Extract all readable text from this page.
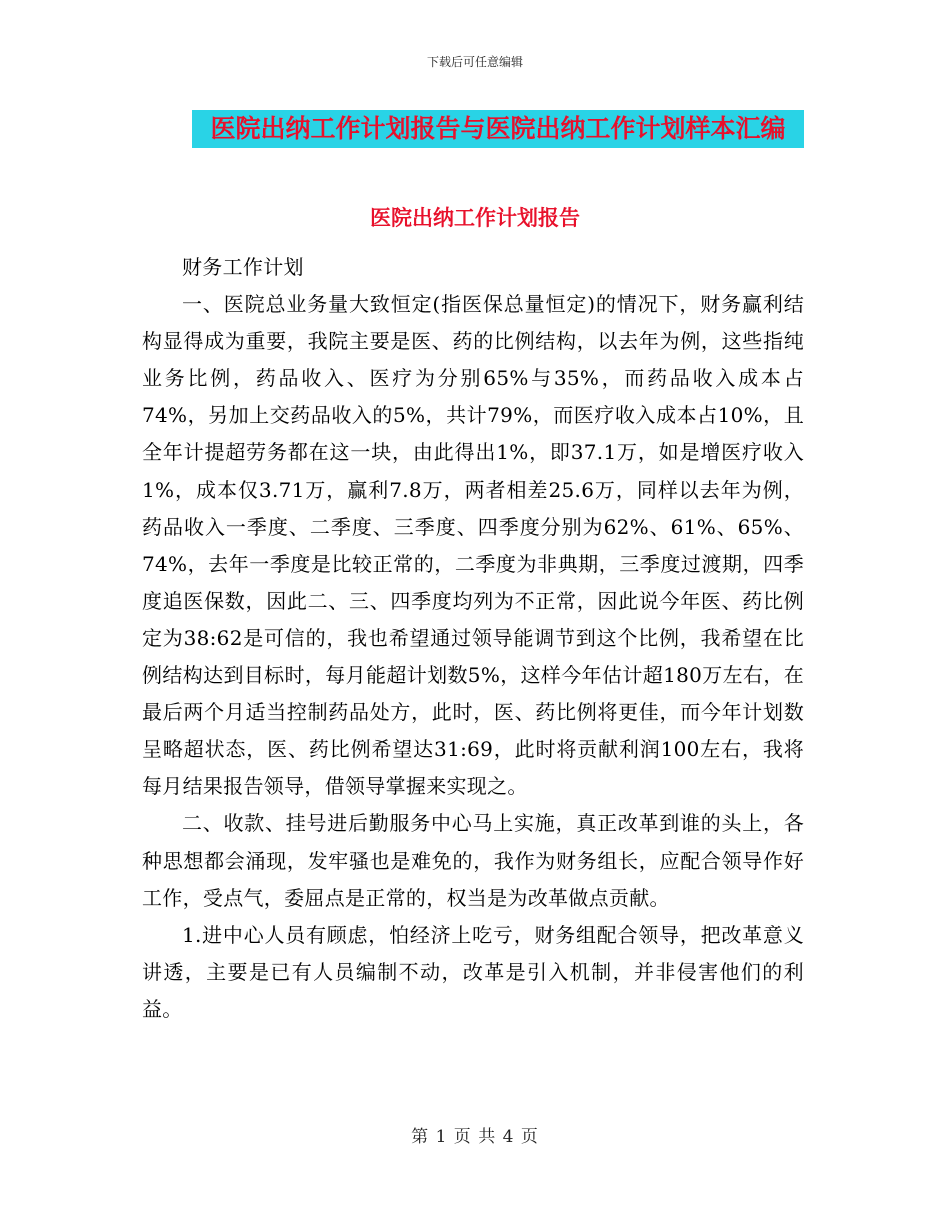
下载后可任意编辑
医院出纳工作计划报告与医院出纳工作计划样本汇编
医院出纳工作计划报告

财务工作计划

一、医院总业务量大致恒定(指医保总量恒定)的情况下，财务赢利结构显得成为重要，我院主要是医、药的比例结构，以去年为例，这些指纯业务比例，药品收入、医疗为分别65%与35%，而药品收入成本占74%，另加上交药品收入的5%，共计79%，而医疗收入成本占10%，且全年计提超劳务都在这一块，由此得出1%，即37.1万，如是增医疗收入1%，成本仅3.71万，赢利7.8万，两者相差25.6万，同样以去年为例，药品收入一季度、二季度、三季度、四季度分别为62%、61%、65%、74%，去年一季度是比较正常的，二季度为非典期，三季度过渡期，四季度追医保数，因此二、三、四季度均列为不正常，因此说今年医、药比例定为38:62是可信的，我也希望通过领导能调节到这个比例，我希望在比例结构达到目标时，每月能超计划数5%，这样今年估计超180万左右，在最后两个月适当控制药品处方，此时，医、药比例将更佳，而今年计划数呈略超状态，医、药比例希望达31:69，此时将贡献利润100左右，我将每月结果报告领导，借领导掌握来实现之。

二、收款、挂号进后勤服务中心马上实施，真正改革到谁的头上，各种思想都会涌现，发牢骚也是难免的，我作为财务组长，应配合领导作好工作，受点气，委屈点是正常的，权当是为改革做点贡献。

1.进中心人员有顾虑，怕经济上吃亏，财务组配合领导，把改革意义讲透，主要是已有人员编制不动，改革是引入机制，并非侵害他们的利益。

第 1 页 共 4 页
